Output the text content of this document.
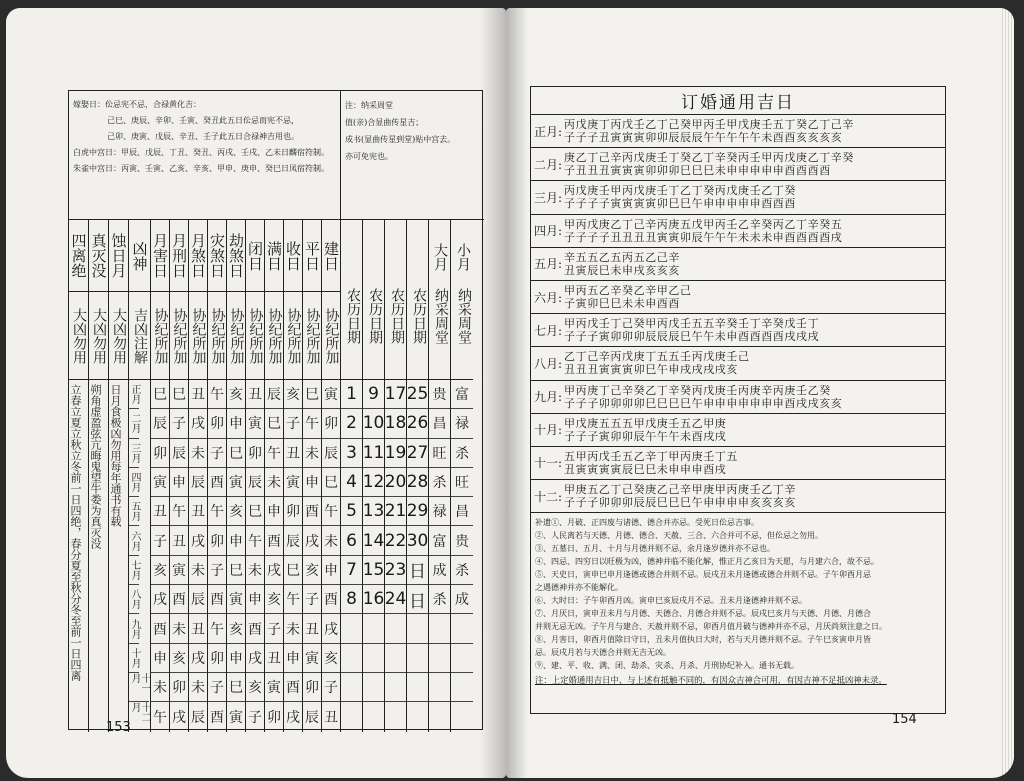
嫁娶日：伀忌宪不忌，合禄黄化吉：
己巳、庚辰、辛卯、壬寅、癸丑此五日伀忌而宪不忌，
己卯、庚寅、戊辰、辛丑、壬子此五日合禄神吉用也。
白虎中宫日：甲辰、戊辰、丁丑、癸丑、丙戌、壬戌、乙未日麟宿符制。
朱雀中宫日：丙寅、壬寅、乙亥、辛亥、甲申、庚申、癸巳日凤宿符制。
注：纳采周堂
值(亲)合显曲传星吉；
成书(显曲传星到堂)贴中宫去。
亦可免宪也。
四离绝
大凶勿用
立春立夏立秋立冬前一日四绝，春分夏至秋分冬至前一日四离
真灭没
大凶勿用
朔角虚盈弦亢晦鬼望牛娄为真灭没
蚀日月
大凶勿用
日月食极凶勿用每年通书有载
凶神
吉凶注解
正月
二月
三月
四月
五月
六月
七月
八月
九月
十月
十一月
十二月
月害日
协纪所加
巳
辰
卯
寅
丑
子
亥
戌
酉
申
未
午
月刑日
协纪所加
巳
子
辰
申
午
丑
寅
酉
未
亥
卯
戌
月煞日
协纪所加
丑
戌
未
辰
丑
戌
未
辰
丑
戌
未
辰
灾煞日
协纪所加
午
卯
子
酉
午
卯
子
酉
午
卯
子
酉
劫煞日
协纪所加
亥
申
巳
寅
亥
申
巳
寅
亥
申
巳
寅
闭日
协纪所加
丑
寅
卯
辰
巳
午
未
申
酉
戌
亥
子
满日
协纪所加
辰
巳
午
未
申
酉
戌
亥
子
丑
寅
卯
收日
协纪所加
亥
子
丑
寅
卯
辰
巳
午
未
申
酉
戌
平日
协纪所加
巳
午
未
申
酉
戌
亥
子
丑
寅
卯
辰
建日
协纪所加
寅
卯
辰
巳
午
未
申
酉
戌
亥
子
丑
农历日期
1
2
3
4
5
6
7
8
农历日期
9
10
11
12
13
14
15
16
农历日期
17
18
19
20
21
22
23
24
农历日期
25
26
27
28
29
30
日
日
大月
纳采周堂
贵
昌
旺
杀
禄
富
成
杀
小月
纳采周堂
富
禄
杀
旺
昌
贵
杀
成
153
订婚通用吉日
正月: 丙戊庚丁丙戊壬乙丁己癸甲丙壬甲戊庚壬五丁癸乙丁己辛
子子子丑寅寅寅卯卯辰辰辰午午午午午未酉酉亥亥亥亥
二月: 庚乙丁己辛丙戊庚壬丁癸乙丁辛癸丙壬甲丙戊庚乙丁辛癸
子丑丑丑寅寅寅卯卯卯巳巳巳未申申申申申酉酉酉酉
三月: 丙戊庚壬甲丙戊庚壬丁乙丁癸丙戊庚壬乙丁癸
子子子子寅寅寅寅卯巳巳午申申申申申酉酉酉
四月: 甲丙戊庚乙丁己辛丙庚五戊甲丙壬乙辛癸丙乙丁辛癸五
子子子子丑丑丑丑寅寅卯辰午午午未未未申酉酉酉酉戌
五月: 辛五五乙五丙五乙己辛
丑寅辰巳未申戌亥亥亥
六月: 甲丙五乙辛癸乙辛甲乙己
子寅卯巳巳未未申酉酉
七月: 甲丙戊壬丁己癸甲丙戊壬五五辛癸壬丁辛癸戊壬丁
子子子寅卯卯卯辰辰辰巳午午未申酉酉酉酉戌戌戌
八月: 乙丁己辛丙戊庚丁五五壬丙戊庚壬己
丑丑丑寅寅寅卯巳午申戌戌戌戌亥
九月: 甲丙庚丁己辛癸乙丁辛癸丙戊庚壬丙庚辛丙庚壬乙癸
子子子卯卯卯卯巳巳巳巳午申申申申申申申酉戌戌亥亥
十月: 甲戊庚五五五甲戊庚壬五乙甲庚
子子子寅卯卯辰午午午未酉戌戌
十一: 五甲丙戊壬五乙辛丁甲丙庚壬丁五
丑寅寅寅寅辰巳巳未申申申酉戌
十二: 甲庚五乙丁己癸庚乙己辛甲庚甲丙庚壬乙丁辛
子子子卯卯卯辰辰巳巳巳午申申申申亥亥亥亥
补遗①、月破、正四废与诸德、德合并亦忌。受死日伀忌吉事。
②、人民离若与天德、月德、德合、天赦、三合、六合并可不忌，但伀忌之勿用。
③、五墓日、五月、十月与月德并则不忌，余月逢岁德并亦不忌也。
④、四忌、四穷日以旺极为凶，德神并临不能化解，惟正月乙亥日为天愿，与月建六合，故不忌。
⑤、天史日，寅申巳申月逢德或德合并则不忌。辰戌丑未月逢德或德合并则不忌。子午卯酉月忌
之遇德神并亦不能解化。
⑥、大时日：子午卯酉月凶。寅申巳亥辰戌月不忌。丑未月逢德神并则不忌。
⑦、月厌日，寅申丑未月与月德、天德合、月德合并则不忌。辰戌巳亥月与天德、月德、月德合
并则无忌无凶。子午月与建合、天赦并则不忌，卯酉月值月破与德神并亦不忌，月厌尚须注意之日。
⑧、月害日，卯酉月值除日守日，丑未月值执日大时，若与天月德并则不忌。子午巳亥寅申月皆
忌。辰戌月若与天德合并则无吉无凶。
⑨、建、平、收、满、闭、劫杀、灾杀、月杀、月刑协纪补入。通书无载。
注：上定婚通用吉日中、与上述有抵触不同的，有因众吉神合可用，有因吉神不足抵凶神未录。
154
